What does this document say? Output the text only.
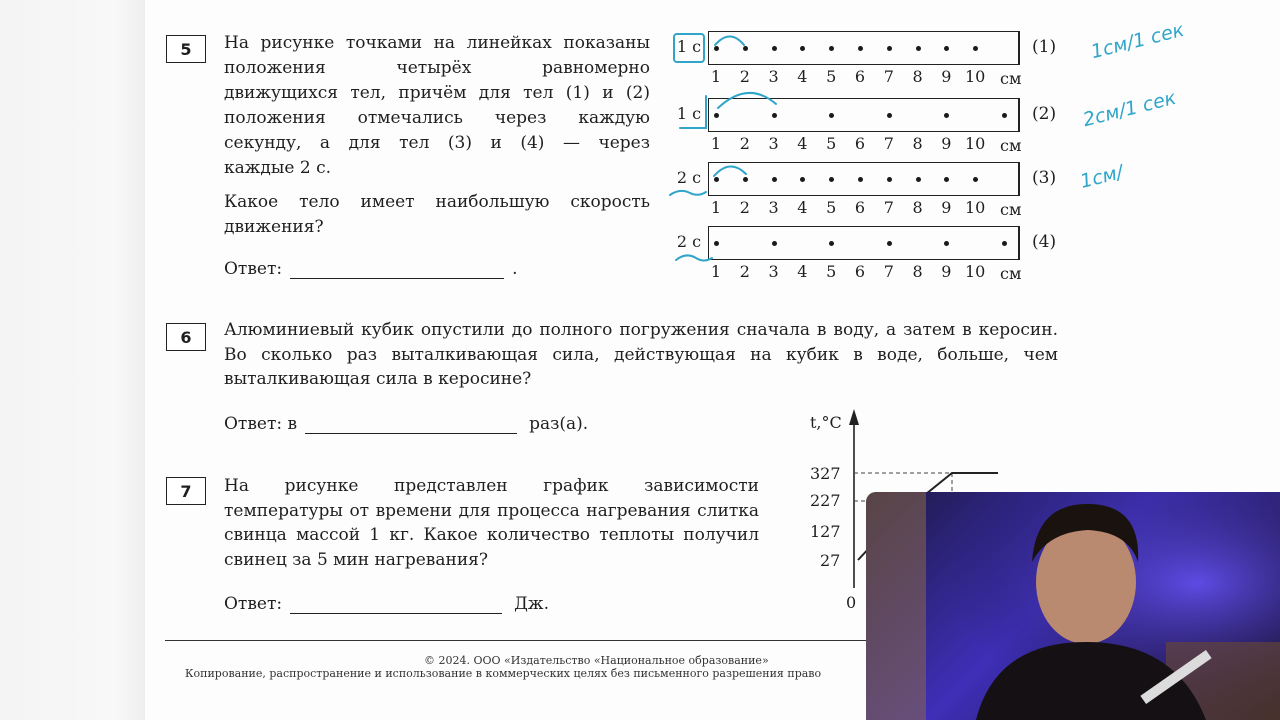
5	На рисунке точками на линейках показаны
положения четырёх равномерно
движущихся тел, причём для тел (1) и (2)
положения отмечались через каждую
секунду, а для тел (3) и (4) — через
каждые 2 с.
Какое тело имеет наибольшую скорость движения?
Ответ:	.
1 с
1	2	3	4	5	6	7	8	9 10 см
(1)
1 с
1	2	3	4	5	6	7	8	9 10 см
(2)
2 с
1	2	3	4	5	6	7	8	9 10 см
(3)
2 с
1	2	3	4	5	6	7	8	9 10 см
(4)
6	Алюминиевый кубик опустили до полного погружения сначала в воду, а затем в керосин. Во сколько раз выталкивающая сила, действующая на кубик в воде, больше, чем выталкивающая сила в керосине?
Ответ: в	раз(а).
7	На рисунке представлен график зависимости температуры от времени для процесса нагревания слитка свинца массой 1 кг. Какое количество теплоты получил свинец за 5 мин нагревания?
Ответ:	Дж.
t,°C
327
227
127
27
0
© 2024. ООО «Издательство «Национальное образование»
Копирование, распространение и использование в коммерческих целях без письменного разрешения право
1см/1 сек
2см/1 сек
1см/
